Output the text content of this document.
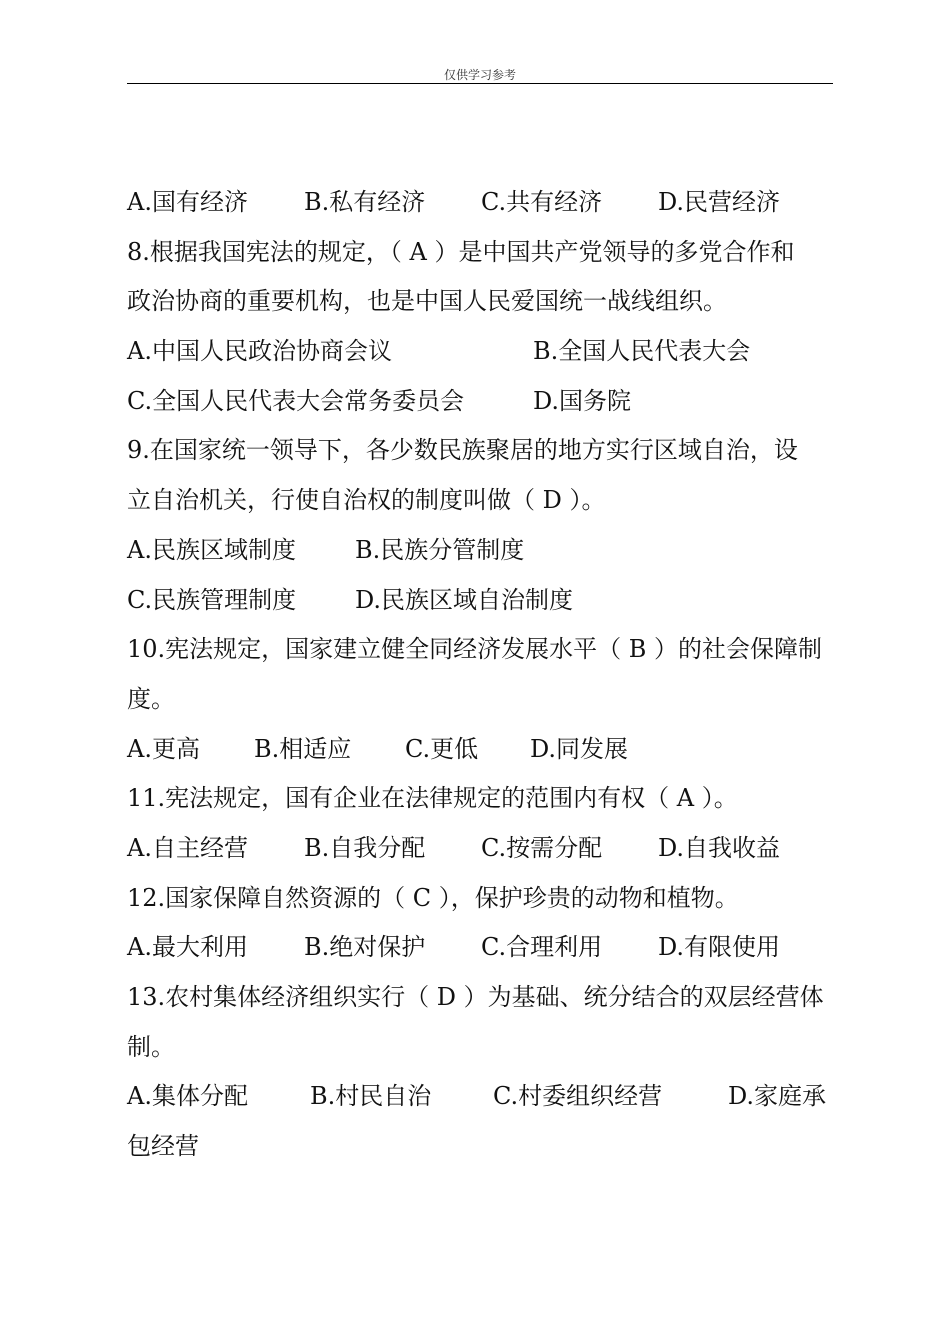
仅供学习参考
A.国有经济 B.私有经济 C.共有经济 D.民营经济
8.根据我国宪法的规定，（ A ）是中国共产党领导的多党合作和
政治协商的重要机构，也是中国人民爱国统一战线组织。
A.中国人民政治协商会议	B.全国人民代表大会
C.全国人民代表大会常务委员会	D.国务院
9.在国家统一领导下，各少数民族聚居的地方实行区域自治，设
立自治机关，行使自治权的制度叫做（ D ）。
A.民族区域制度 B.民族分管制度
C.民族管理制度 D.民族区域自治制度
10.宪法规定，国家建立健全同经济发展水平（ B ）的社会保障制
度。
A.更高 B.相适应 C.更低 D.同发展
11.宪法规定，国有企业在法律规定的范围内有权（ A ）。
A.自主经营 B.自我分配 C.按需分配 D.自我收益
12.国家保障自然资源的（ C ），保护珍贵的动物和植物。
A.最大利用 B.绝对保护 C.合理利用 D.有限使用
13.农村集体经济组织实行（ D ）为基础、统分结合的双层经营体
制。
A.集体分配	B.村民自治	C.村委组织经营	D.家庭承
包经营
